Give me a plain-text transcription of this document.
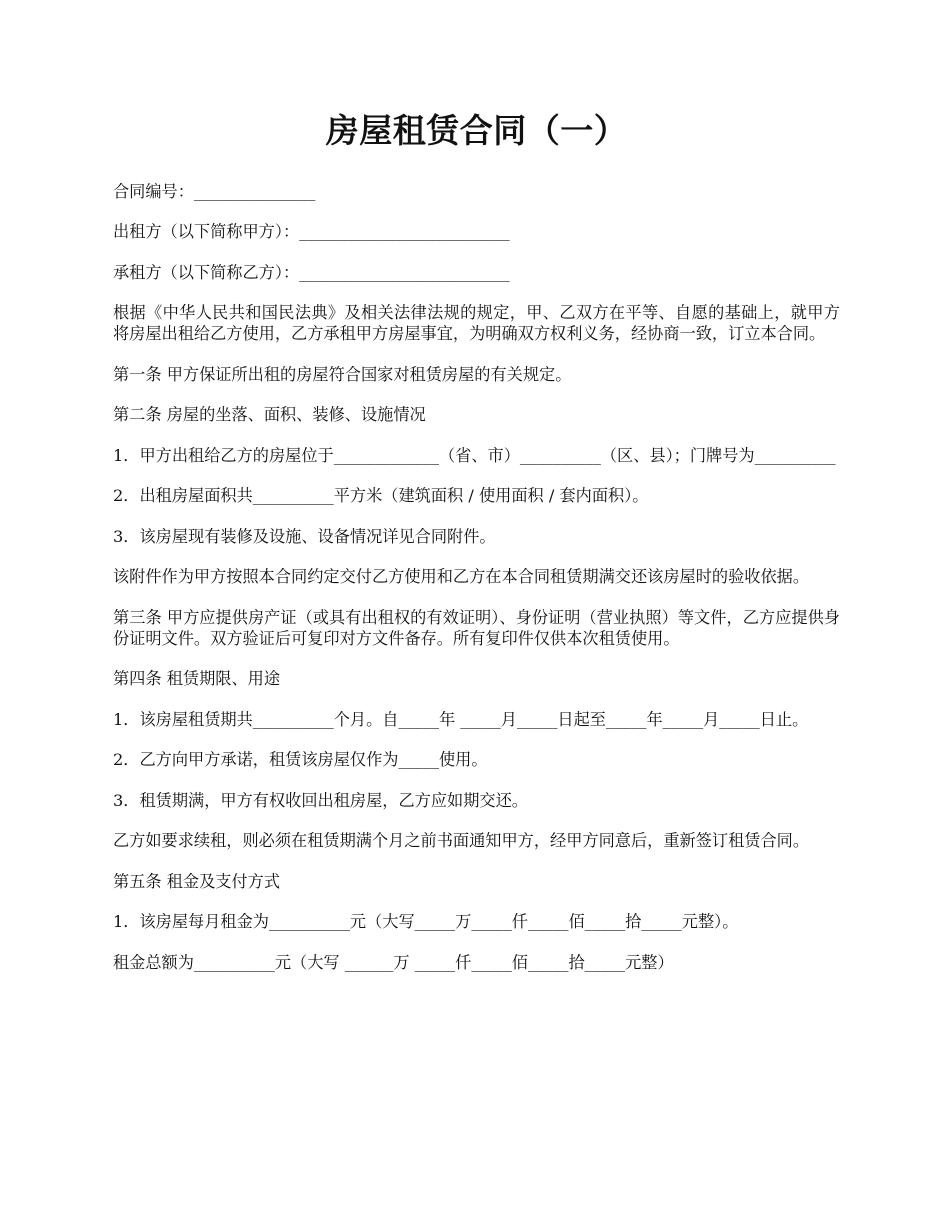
房屋租赁合同（一）

合同编号：_______________

出租方（以下简称甲方）：__________________________

承租方（以下简称乙方）：__________________________

根据《中华人民共和国民法典》及相关法律法规的规定，甲、乙双方在平等、自愿的基础上，就甲方将房屋出租给乙方使用，乙方承租甲方房屋事宜，为明确双方权利义务，经协商一致，订立本合同。

第一条 甲方保证所出租的房屋符合国家对租赁房屋的有关规定。

第二条 房屋的坐落、面积、装修、设施情况

1．甲方出租给乙方的房屋位于_____________（省、市）__________（区、县）；门牌号为__________

2．出租房屋面积共__________平方米（建筑面积 / 使用面积 / 套内面积）。

3．该房屋现有装修及设施、设备情况详见合同附件。

该附件作为甲方按照本合同约定交付乙方使用和乙方在本合同租赁期满交还该房屋时的验收依据。

第三条 甲方应提供房产证（或具有出租权的有效证明）、身份证明（营业执照）等文件，乙方应提供身份证明文件。双方验证后可复印对方文件备存。所有复印件仅供本次租赁使用。

第四条 租赁期限、用途

1．该房屋租赁期共__________个月。自_____年 _____月_____日起至_____年_____月_____日止。

2．乙方向甲方承诺，租赁该房屋仅作为_____使用。

3．租赁期满，甲方有权收回出租房屋，乙方应如期交还。

乙方如要求续租，则必须在租赁期满个月之前书面通知甲方，经甲方同意后，重新签订租赁合同。

第五条 租金及支付方式

1．该房屋每月租金为__________元（大写_____万_____仟_____佰_____拾_____元整）。

租金总额为__________元（大写 ______万 _____仟_____佰_____拾_____元整）
